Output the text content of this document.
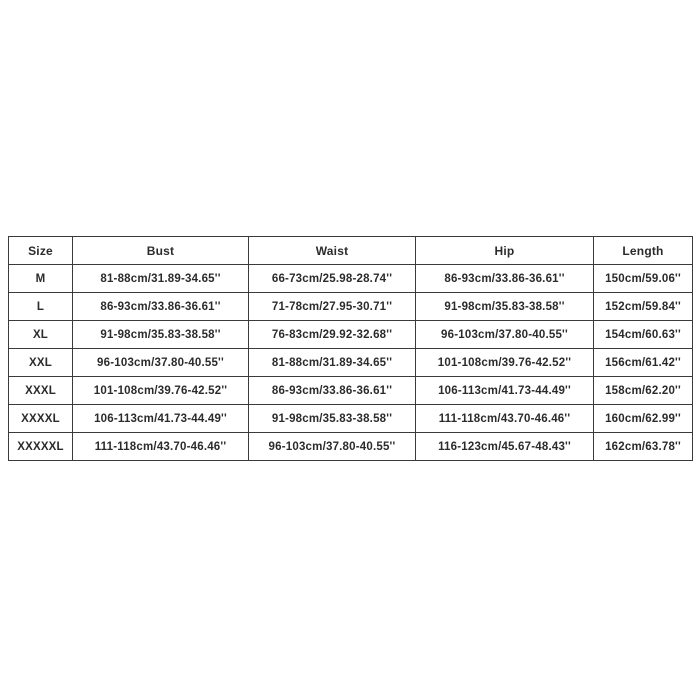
Size	Bust	Waist	Hip	Length
M	81-88cm/31.89-34.65''	66-73cm/25.98-28.74''	86-93cm/33.86-36.61''	150cm/59.06''
L	86-93cm/33.86-36.61''	71-78cm/27.95-30.71''	91-98cm/35.83-38.58''	152cm/59.84''
XL	91-98cm/35.83-38.58''	76-83cm/29.92-32.68''	96-103cm/37.80-40.55''	154cm/60.63''
XXL	96-103cm/37.80-40.55''	81-88cm/31.89-34.65''	101-108cm/39.76-42.52''	156cm/61.42''
XXXL	101-108cm/39.76-42.52''	86-93cm/33.86-36.61''	106-113cm/41.73-44.49''	158cm/62.20''
XXXXL	106-113cm/41.73-44.49''	91-98cm/35.83-38.58''	111-118cm/43.70-46.46''	160cm/62.99''
XXXXXL	111-118cm/43.70-46.46''	96-103cm/37.80-40.55''	116-123cm/45.67-48.43''	162cm/63.78''
